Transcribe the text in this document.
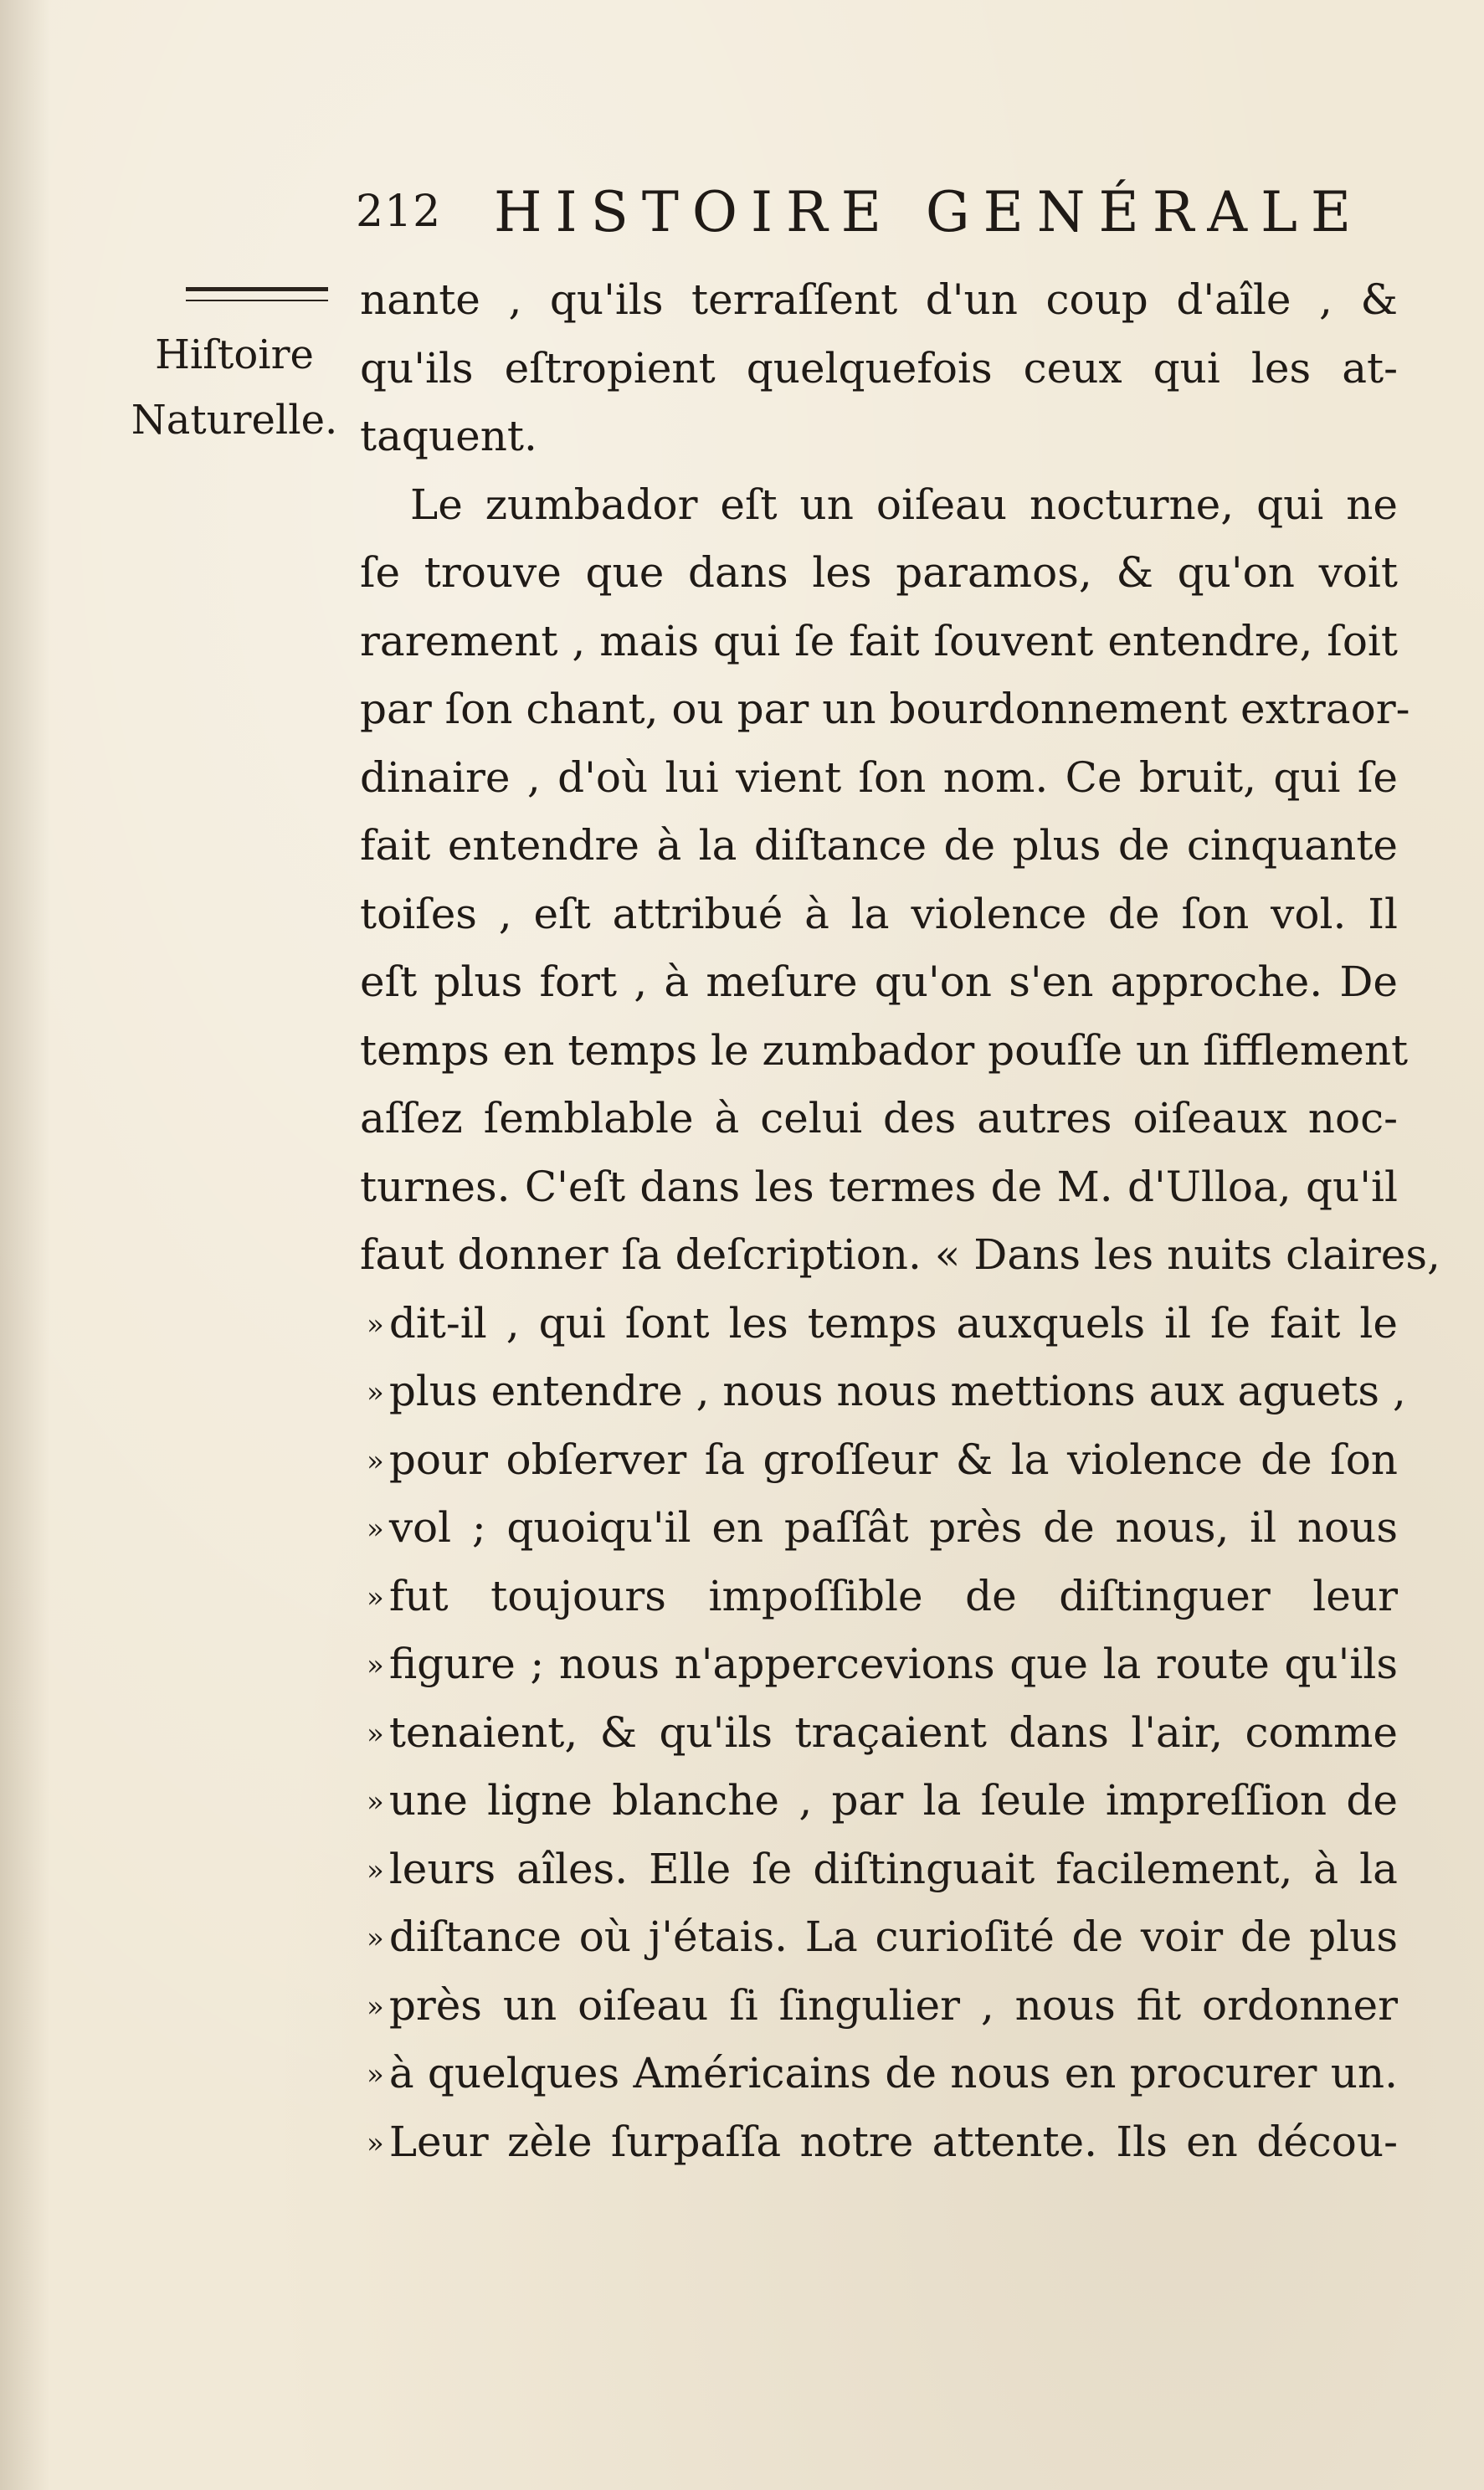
212 HISTOIRE GENÉRALE
Hiſtoire
Naturelle.
nante , qu'ils terraſſent d'un coup d'aîle , &
qu'ils eſtropient quelquefois ceux qui les at-
taquent.
Le zumbador eſt un oiſeau nocturne, qui ne
ſe trouve que dans les paramos, & qu'on voit
rarement , mais qui ſe fait ſouvent entendre, ſoit
par ſon chant, ou par un bourdonnement extraor-
dinaire , d'où lui vient ſon nom. Ce bruit, qui ſe
fait entendre à la diſtance de plus de cinquante
toiſes , eſt attribué à la violence de ſon vol. Il
eſt plus fort , à meſure qu'on s'en approche. De
temps en temps le zumbador pouſſe un ſifflement
aſſez ſemblable à celui des autres oiſeaux noc-
turnes. C'eſt dans les termes de M. d'Ulloa, qu'il
faut donner ſa deſcription. « Dans les nuits claires,
» dit-il , qui ſont les temps auxquels il ſe fait le
» plus entendre , nous nous mettions aux aguets ,
» pour obſerver ſa groſſeur & la violence de ſon
» vol ; quoiqu'il en paſſât près de nous, il nous
» fut toujours impoſſible de diſtinguer leur
» figure ; nous n'appercevions que la route qu'ils
» tenaient, & qu'ils traçaient dans l'air, comme
» une ligne blanche , par la ſeule impreſſion de
» leurs aîles. Elle ſe diſtinguait facilement, à la
» diſtance où j'étais. La curioſité de voir de plus
» près un oiſeau ſi ſingulier , nous fit ordonner
» à quelques Américains de nous en procurer un.
» Leur zèle ſurpaſſa notre attente. Ils en décou-
